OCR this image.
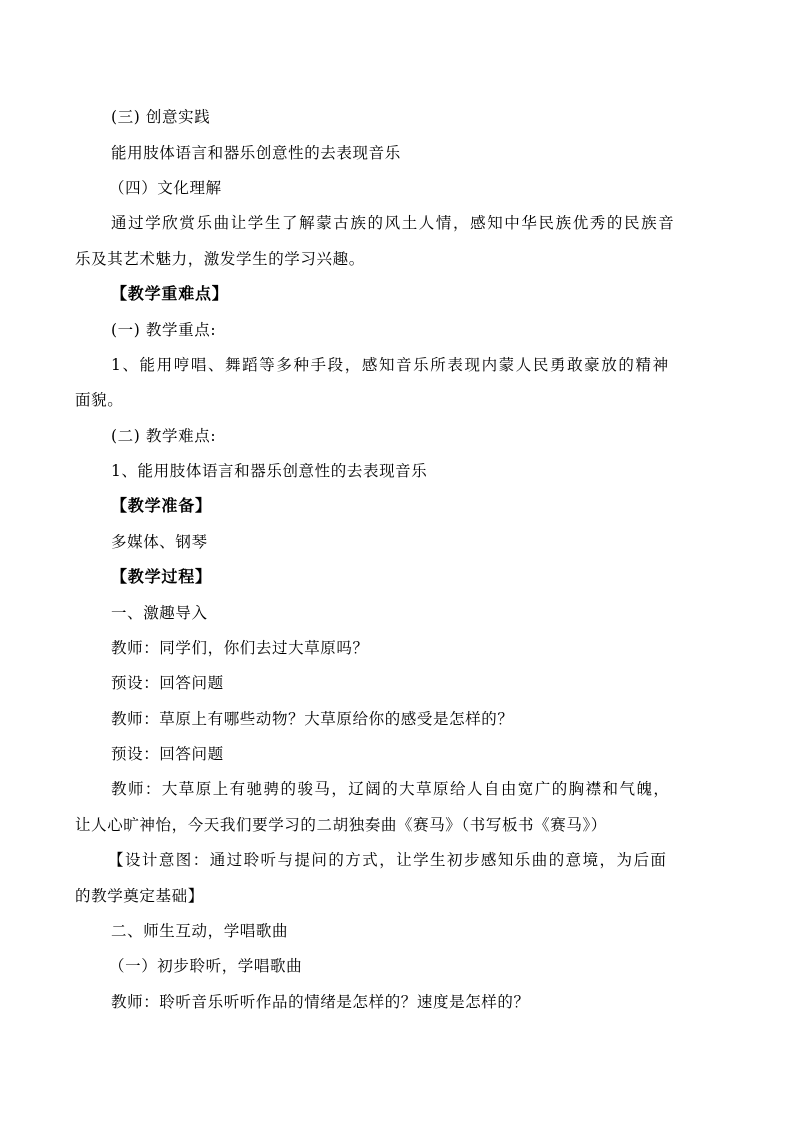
(三) 创意实践
能用肢体语言和器乐创意性的去表现音乐
（四）文化理解
通过学欣赏乐曲让学生了解蒙古族的风土人情，感知中华民族优秀的民族音
乐及其艺术魅力，激发学生的学习兴趣。
【教学重难点】
(一) 教学重点:
1、能用哼唱、舞蹈等多种手段，感知音乐所表现内蒙人民勇敢豪放的精神
面貌。
(二) 教学难点:
1、能用肢体语言和器乐创意性的去表现音乐
【教学准备】
多媒体、钢琴
【教学过程】
一、激趣导入
教师：同学们，你们去过大草原吗？
预设：回答问题
教师：草原上有哪些动物？大草原给你的感受是怎样的？
预设：回答问题
教师：大草原上有驰骋的骏马，辽阔的大草原给人自由宽广的胸襟和气魄，
让人心旷神怡，今天我们要学习的二胡独奏曲《赛马》（书写板书《赛马》）
【设计意图：通过聆听与提问的方式，让学生初步感知乐曲的意境，为后面
的教学奠定基础】
二、师生互动，学唱歌曲
（一）初步聆听，学唱歌曲
教师：聆听音乐听听作品的情绪是怎样的？速度是怎样的？
